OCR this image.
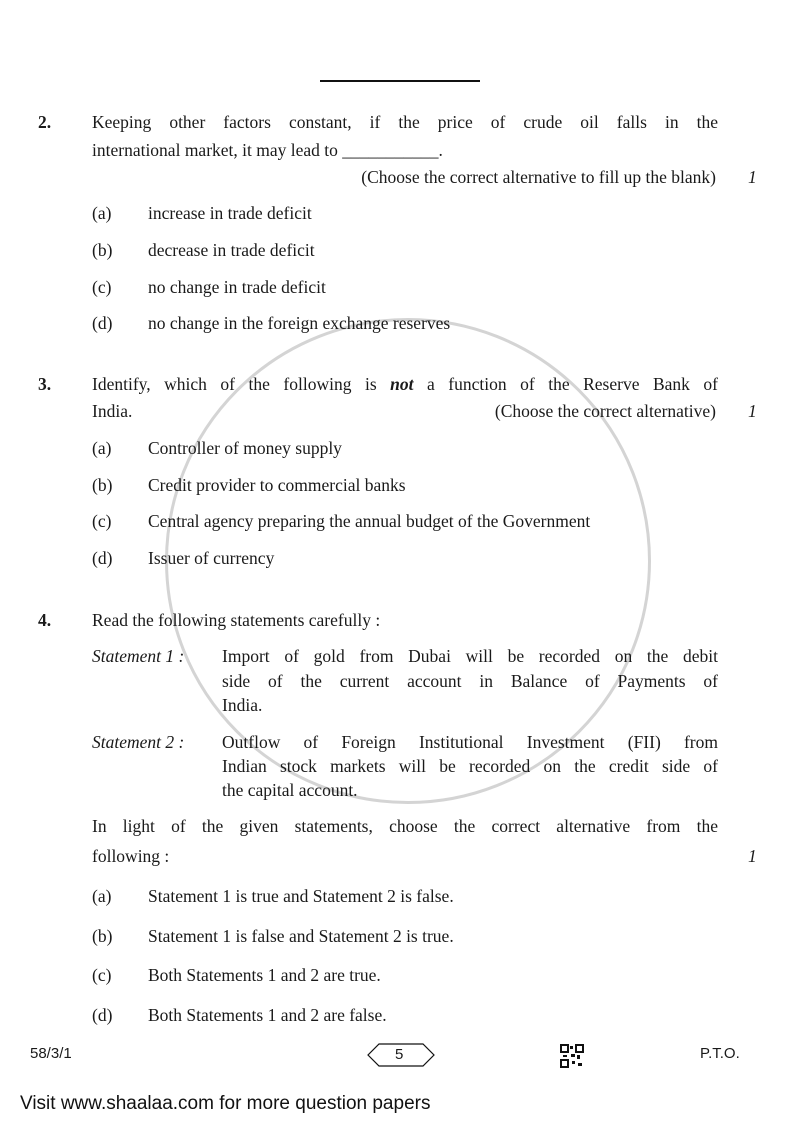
2. Keeping other factors constant, if the price of crude oil falls in the
international market, it may lead to ___________.
(Choose the correct alternative to fill up the blank) 1
(a) increase in trade deficit
(b) decrease in trade deficit
(c) no change in trade deficit
(d) no change in the foreign exchange reserves
3. Identify, which of the following is not a function of the Reserve Bank of
India.	(Choose the correct alternative) 1
(a) Controller of money supply
(b) Credit provider to commercial banks
(c) Central agency preparing the annual budget of the Government
(d) Issuer of currency
4. Read the following statements carefully :
Statement 1 : Import of gold from Dubai will be recorded on the debit
side of the current account in Balance of Payments of
India.
Statement 2 : Outflow of Foreign Institutional Investment (FII) from
Indian stock markets will be recorded on the credit side of
the capital account.
In light of the given statements, choose the correct alternative from the
following :	1
(a) Statement 1 is true and Statement 2 is false.
(b) Statement 1 is false and Statement 2 is true.
(c) Both Statements 1 and 2 are true.
(d) Both Statements 1 and 2 are false.
58/3/1	5	P.T.O.
Visit www.shaalaa.com for more question papers
